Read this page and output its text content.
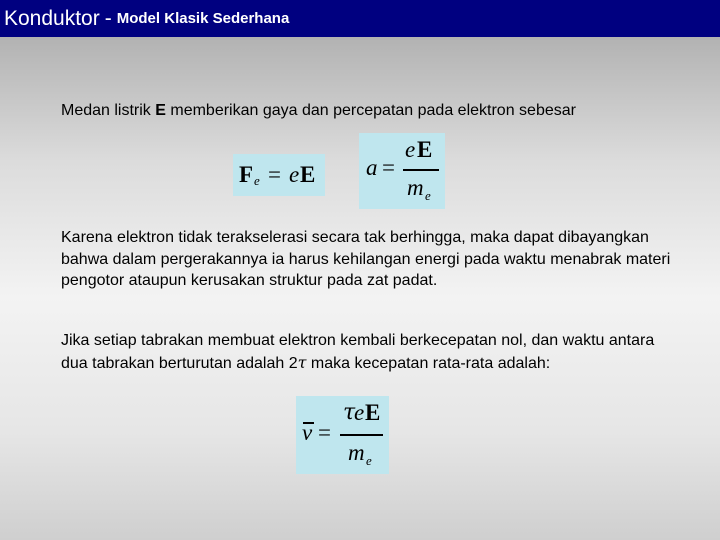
Konduktor - Model Klasik Sederhana

Medan listrik E memberikan gaya dan percepatan pada elektron sebesar

F e = e E a =
e E
m e

Karena elektron tidak terakselerasi secara tak berhingga, maka dapat dibayangkan bahwa dalam pergerakannya ia harus kehilangan energi pada waktu menabrak materi pengotor ataupun kerusakan struktur pada zat padat.

Jika setiap tabrakan membuat elektron kembali berkecepatan nol, dan waktu antara dua tabrakan berturutan adalah 2τ maka kecepatan rata-rata adalah:

v =
τ
e E
m e
